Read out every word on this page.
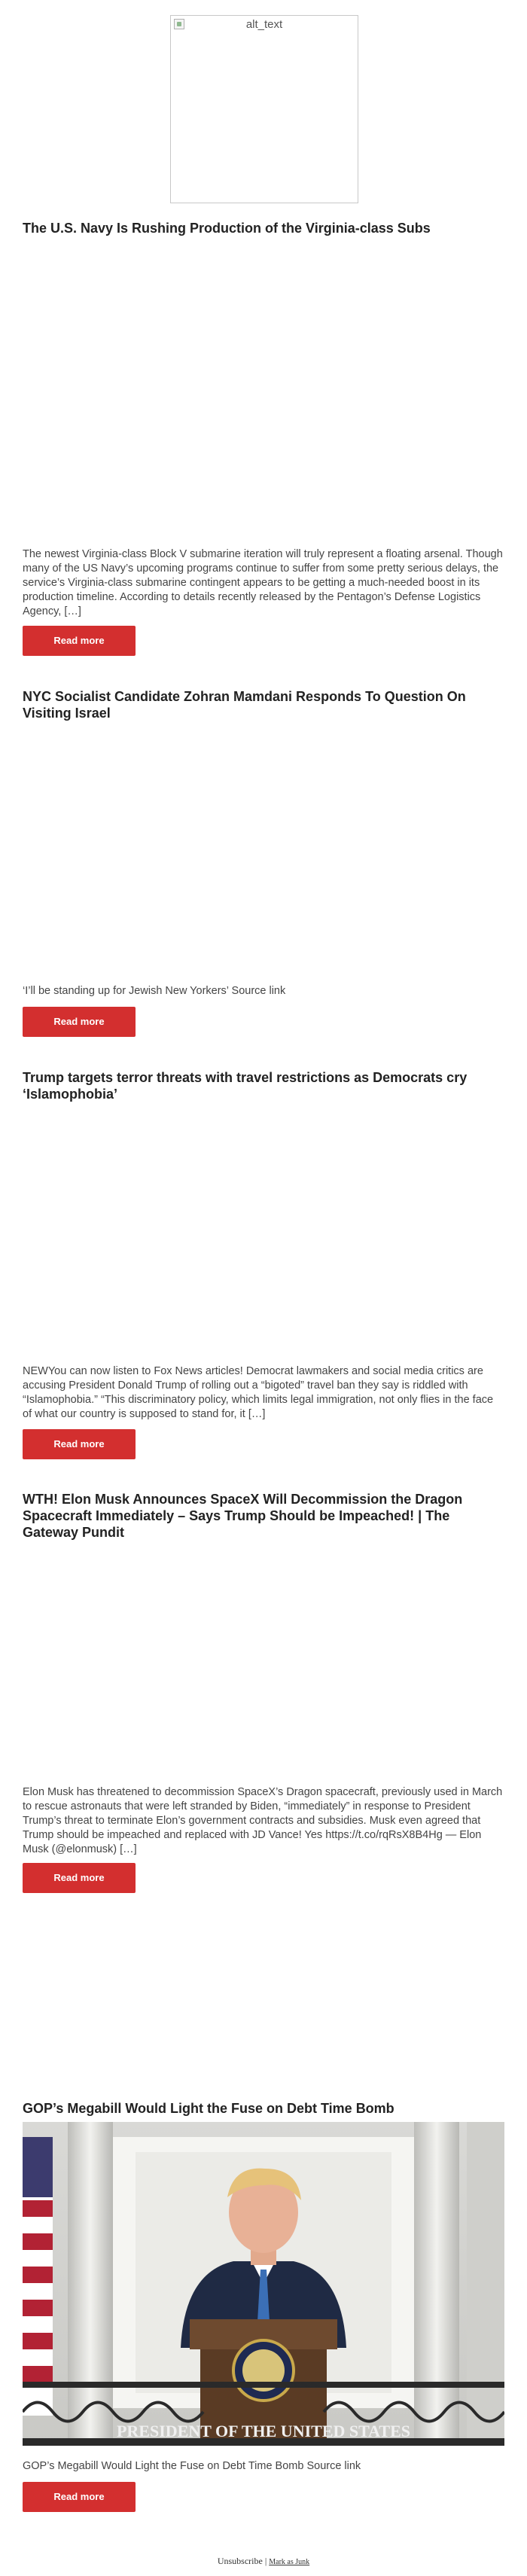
alt_text
The U.S. Navy Is Rushing Production of the Virginia-class Subs

The newest Virginia-class Block V submarine iteration will truly represent a floating arsenal. Though many of the US Navy’s upcoming programs continue to suffer from some pretty serious delays, the service’s Virginia-class submarine contingent appears to be getting a much-needed boost in its production timeline. According to details recently released by the Pentagon’s Defense Logistics Agency, […]

Read more
NYC Socialist Candidate Zohran Mamdani Responds To Question On Visiting Israel

‘I’ll be standing up for Jewish New Yorkers’ Source link

Read more
Trump targets terror threats with travel restrictions as Democrats cry ‘Islamophobia’

NEWYou can now listen to Fox News articles! Democrat lawmakers and social media critics are accusing President Donald Trump of rolling out a “bigoted” travel ban they say is riddled with “Islamophobia.” “This discriminatory policy, which limits legal immigration, not only flies in the face of what our country is supposed to stand for, it […]

Read more
WTH! Elon Musk Announces SpaceX Will Decommission the Dragon Spacecraft Immediately – Says Trump Should be Impeached! | The Gateway Pundit

Elon Musk has threatened to decommission SpaceX’s Dragon spacecraft, previously used in March to rescue astronauts that were left stranded by Biden, “immediately” in response to President Trump’s threat to terminate Elon’s government contracts and subsidies. Musk even agreed that Trump should be impeached and replaced with JD Vance! Yes https://t.co/rqRsX8B4Hg — Elon Musk (@elonmusk) […]

Read more
GOP’s Megabill Would Light the Fuse on Debt Time Bomb
PRESIDENT OF THE UNITED STATES

GOP’s Megabill Would Light the Fuse on Debt Time Bomb Source link

Read more
Unsubscribe | Mark as Junk
